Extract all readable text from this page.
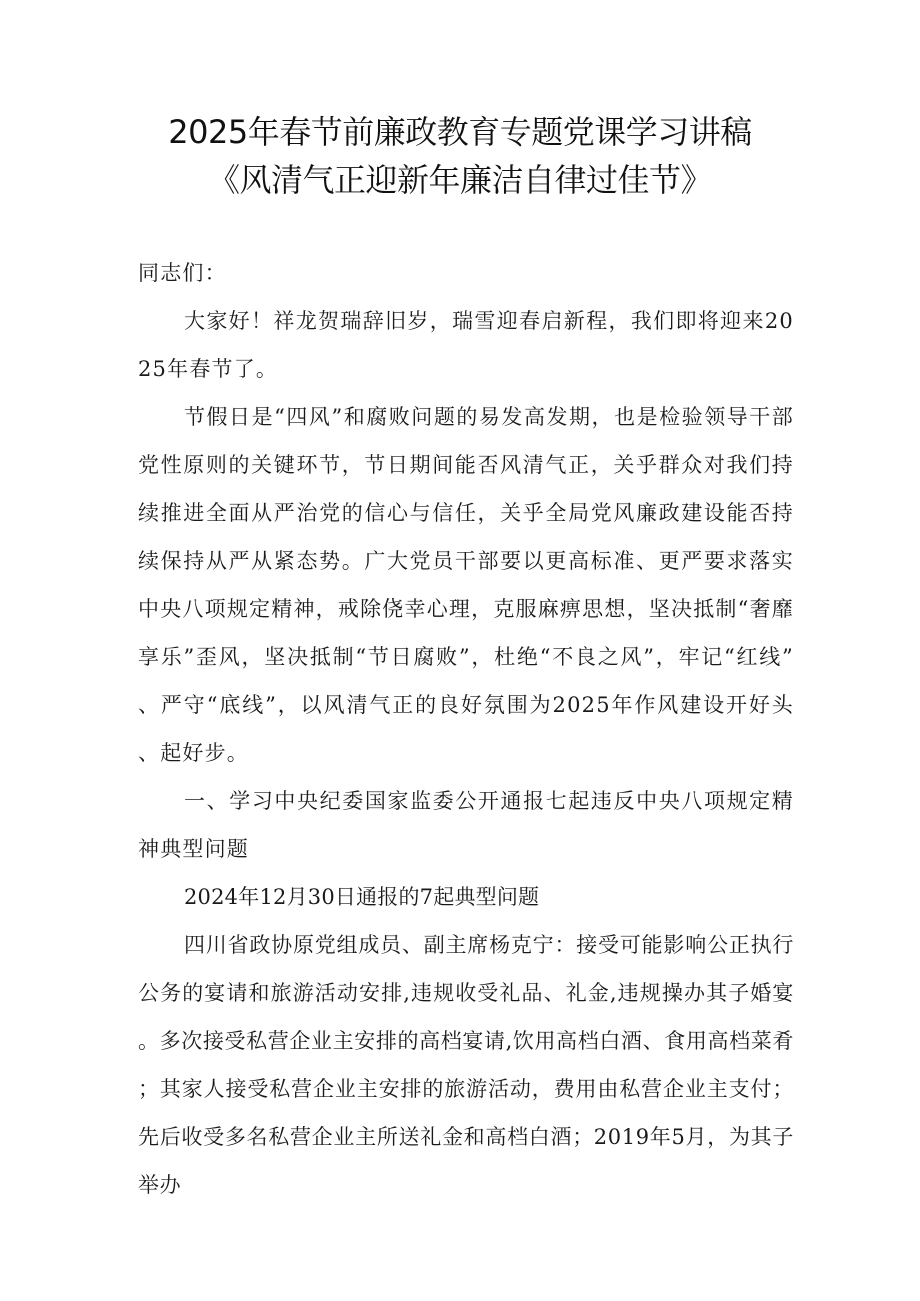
2025年春节前廉政教育专题党课学习讲稿
《风清气正迎新年廉洁自律过佳节》

同志们：

大家好！祥龙贺瑞辞旧岁，瑞雪迎春启新程，我们即将迎来2025年春节了。

节假日是“四风”和腐败问题的易发高发期，也是检验领导干部党性原则的关键环节，节日期间能否风清气正，关乎群众对我们持续推进全面从严治党的信心与信任，关乎全局党风廉政建设能否持续保持从严从紧态势。广大党员干部要以更高标准、更严要求落实中央八项规定精神，戒除侥幸心理，克服麻痹思想，坚决抵制“奢靡享乐”歪风，坚决抵制“节日腐败”，杜绝“不良之风”，牢记“红线”、严守“底线”，以风清气正的良好氛围为2025年作风建设开好头、起好步。

一、学习中央纪委国家监委公开通报七起违反中央八项规定精神典型问题

2024年12月30日通报的7起典型问题

四川省政协原党组成员、副主席杨克宁：接受可能影响公正执行公务的宴请和旅游活动安排,违规收受礼品、礼金,违规操办其子婚宴。多次接受私营企业主安排的高档宴请,饮用高档白酒、食用高档菜肴；其家人接受私营企业主安排的旅游活动，费用由私营企业主支付；先后收受多名私营企业主所送礼金和高档白酒；2019年5月，为其子举办
